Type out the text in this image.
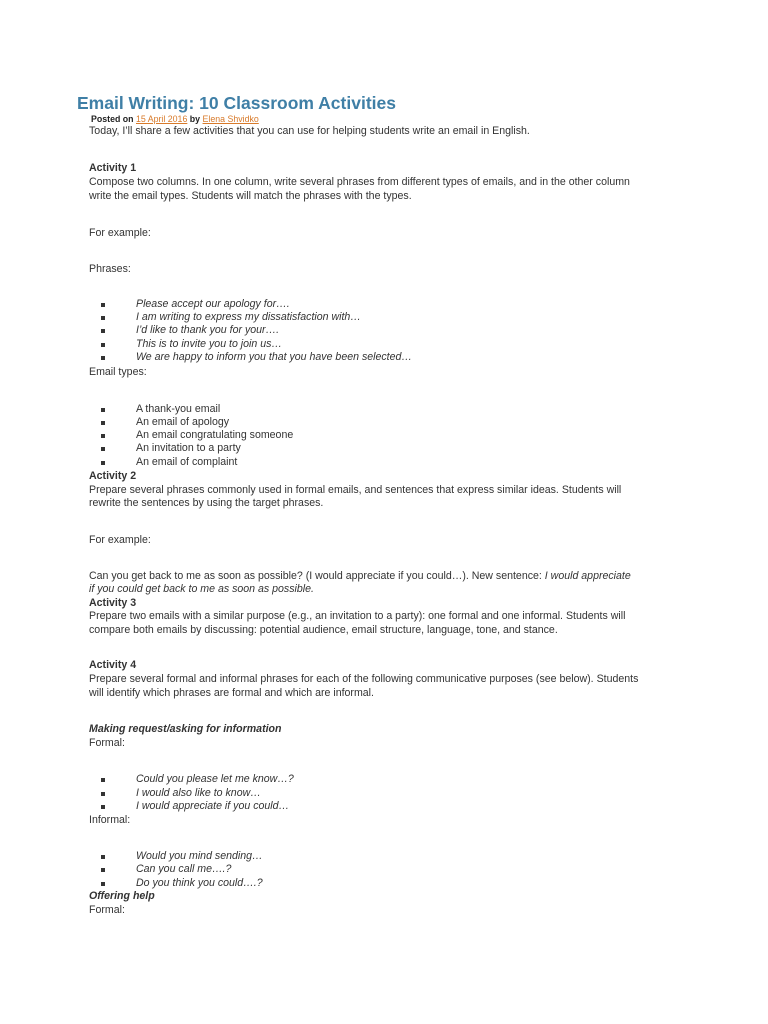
Email Writing: 10 Classroom Activities
Posted on 15 April 2016 by Elena Shvidko
Today, I’ll share a few activities that you can use for helping students write an email in English.
Activity 1
Compose two columns. In one column, write several phrases from different types of emails, and in the other column
write the email types. Students will match the phrases with the types.
For example:
Phrases:
Please accept our apology for….
I am writing to express my dissatisfaction with…
I’d like to thank you for your….
This is to invite you to join us…
We are happy to inform you that you have been selected…
Email types:
A thank-you email
An email of apology
An email congratulating someone
An invitation to a party
An email of complaint
Activity 2
Prepare several phrases commonly used in formal emails, and sentences that express similar ideas. Students will
rewrite the sentences by using the target phrases.
For example:
Can you get back to me as soon as possible? (I would appreciate if you could…). New sentence: I would appreciate
if you could get back to me as soon as possible.
Activity 3
Prepare two emails with a similar purpose (e.g., an invitation to a party): one formal and one informal. Students will
compare both emails by discussing: potential audience, email structure, language, tone, and stance.
Activity 4
Prepare several formal and informal phrases for each of the following communicative purposes (see below). Students
will identify which phrases are formal and which are informal.
Making request/asking for information
Formal:
Could you please let me know…?
I would also like to know…
I would appreciate if you could…
Informal:
Would you mind sending…
Can you call me….?
Do you think you could….?
Offering help
Formal:
